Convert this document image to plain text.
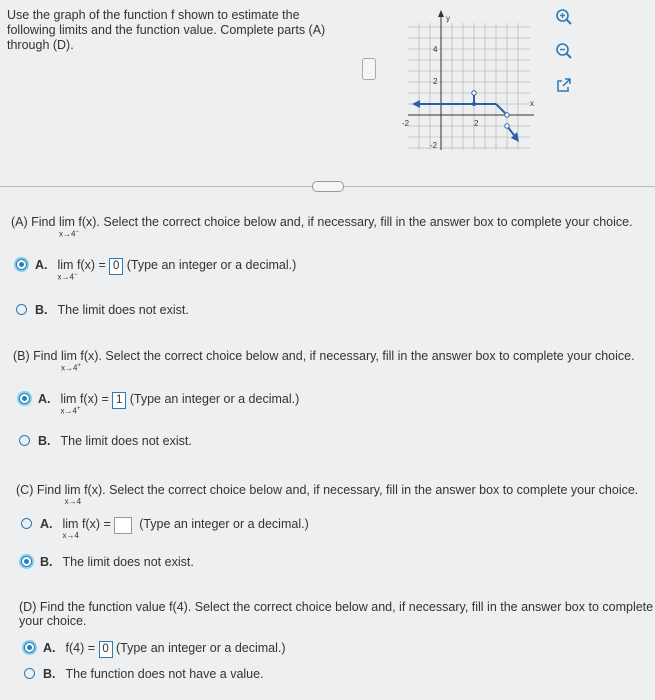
Use the graph of the function f shown to estimate the following limits and the function value. Complete parts (A) through (D).
y
x
4
2
-2
-2	2
(A) Find lim f(x).
x→4−
Select the correct choice below and, if necessary, fill in the answer box to complete your choice.
A. lim f(x) =
x→4−

0
(Type an integer or a decimal.)
B. The limit does not exist.
(B) Find lim f(x).
x→4+
Select the correct choice below and, if necessary, fill in the answer box to complete your choice.
A. lim f(x) =
x→4+

1
(Type an integer or a decimal.)
B. The limit does not exist.
(C) Find lim f(x).
x→4
Select the correct choice below and, if necessary, fill in the answer box to complete your choice.
A. lim f(x) =
x→4

(Type an integer or a decimal.)
B. The limit does not exist.
(D) Find the function value f(4). Select the correct choice below and, if necessary, fill in the answer box to complete your choice.
A. f(4) =
0
(Type an integer or a decimal.)
B. The function does not have a value.
